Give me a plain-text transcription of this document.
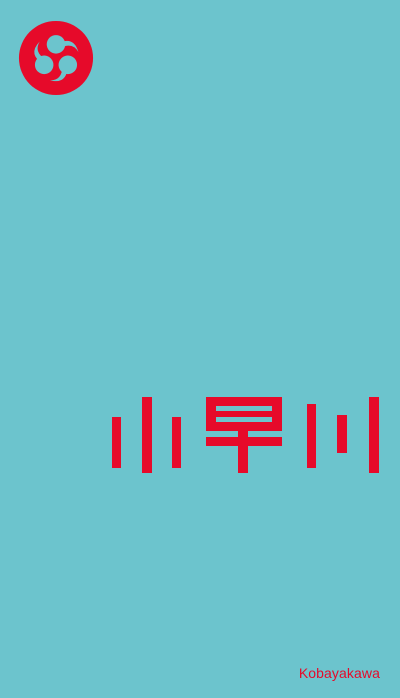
Kobayakawa
